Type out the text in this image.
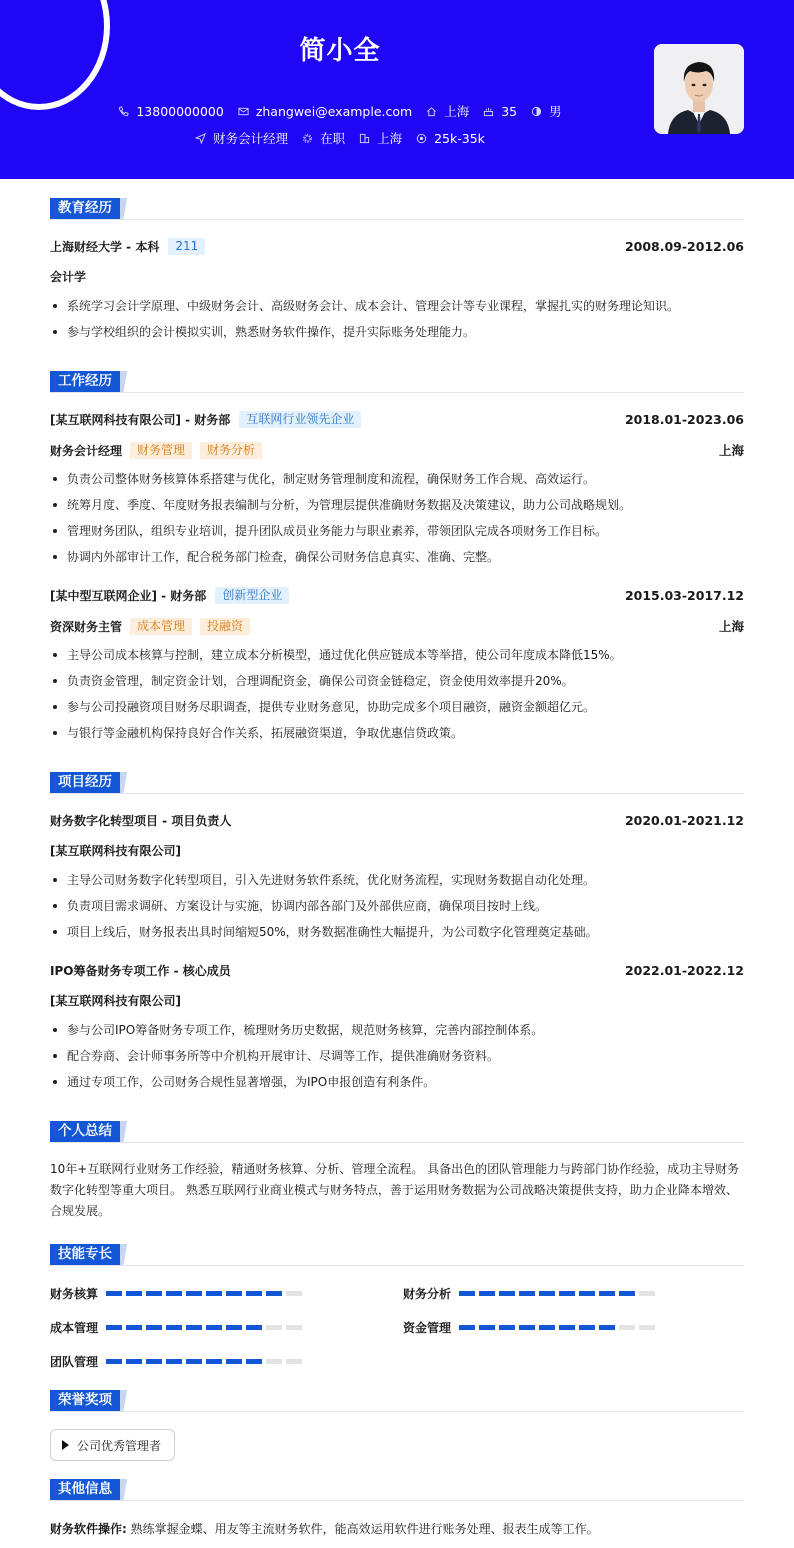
简小全
13800000000	zhangwei@example.com	上海	35	男
财务会计经理	在职	上海	25k-35k
教育经历
上海财经大学 - 本科	211	2008.09-2012.06
会计学
系统学习会计学原理、中级财务会计、高级财务会计、成本会计、管理会计等专业课程，掌握扎实的财务理论知识。
参与学校组织的会计模拟实训，熟悉财务软件操作，提升实际账务处理能力。
工作经历
[某互联网科技有限公司] - 财务部	互联网行业领先企业	2018.01-2023.06
财务会计经理	财务管理	财务分析	上海
负责公司整体财务核算体系搭建与优化，制定财务管理制度和流程，确保财务工作合规、高效运行。
统筹月度、季度、年度财务报表编制与分析，为管理层提供准确财务数据及决策建议，助力公司战略规划。
管理财务团队，组织专业培训，提升团队成员业务能力与职业素养，带领团队完成各项财务工作目标。
协调内外部审计工作，配合税务部门检查，确保公司财务信息真实、准确、完整。
[某中型互联网企业] - 财务部	创新型企业	2015.03-2017.12
资深财务主管	成本管理	投融资	上海
主导公司成本核算与控制，建立成本分析模型，通过优化供应链成本等举措，使公司年度成本降低15%。
负责资金管理，制定资金计划，合理调配资金，确保公司资金链稳定，资金使用效率提升20%。
参与公司投融资项目财务尽职调查，提供专业财务意见，协助完成多个项目融资，融资金额超亿元。
与银行等金融机构保持良好合作关系，拓展融资渠道，争取优惠信贷政策。
项目经历
财务数字化转型项目 - 项目负责人	2020.01-2021.12
[某互联网科技有限公司]
主导公司财务数字化转型项目，引入先进财务软件系统，优化财务流程，实现财务数据自动化处理。
负责项目需求调研、方案设计与实施，协调内部各部门及外部供应商，确保项目按时上线。
项目上线后，财务报表出具时间缩短50%，财务数据准确性大幅提升，为公司数字化管理奠定基础。
IPO筹备财务专项工作 - 核心成员	2022.01-2022.12
[某互联网科技有限公司]
参与公司IPO筹备财务专项工作，梳理财务历史数据，规范财务核算，完善内部控制体系。
配合券商、会计师事务所等中介机构开展审计、尽调等工作，提供准确财务资料。
通过专项工作，公司财务合规性显著增强，为IPO申报创造有利条件。
个人总结
10年+互联网行业财务工作经验，精通财务核算、分析、管理全流程。 具备出色的团队管理能力与跨部门协作经验，成功主导财务数字化转型等重大项目。 熟悉互联网行业商业模式与财务特点，善于运用财务数据为公司战略决策提供支持，助力企业降本增效、合规发展。
技能专长
财务核算	财务分析
成本管理	资金管理
团队管理
荣誉奖项
公司优秀管理者
其他信息
财务软件操作: 熟练掌握金蝶、用友等主流财务软件，能高效运用软件进行账务处理、报表生成等工作。
